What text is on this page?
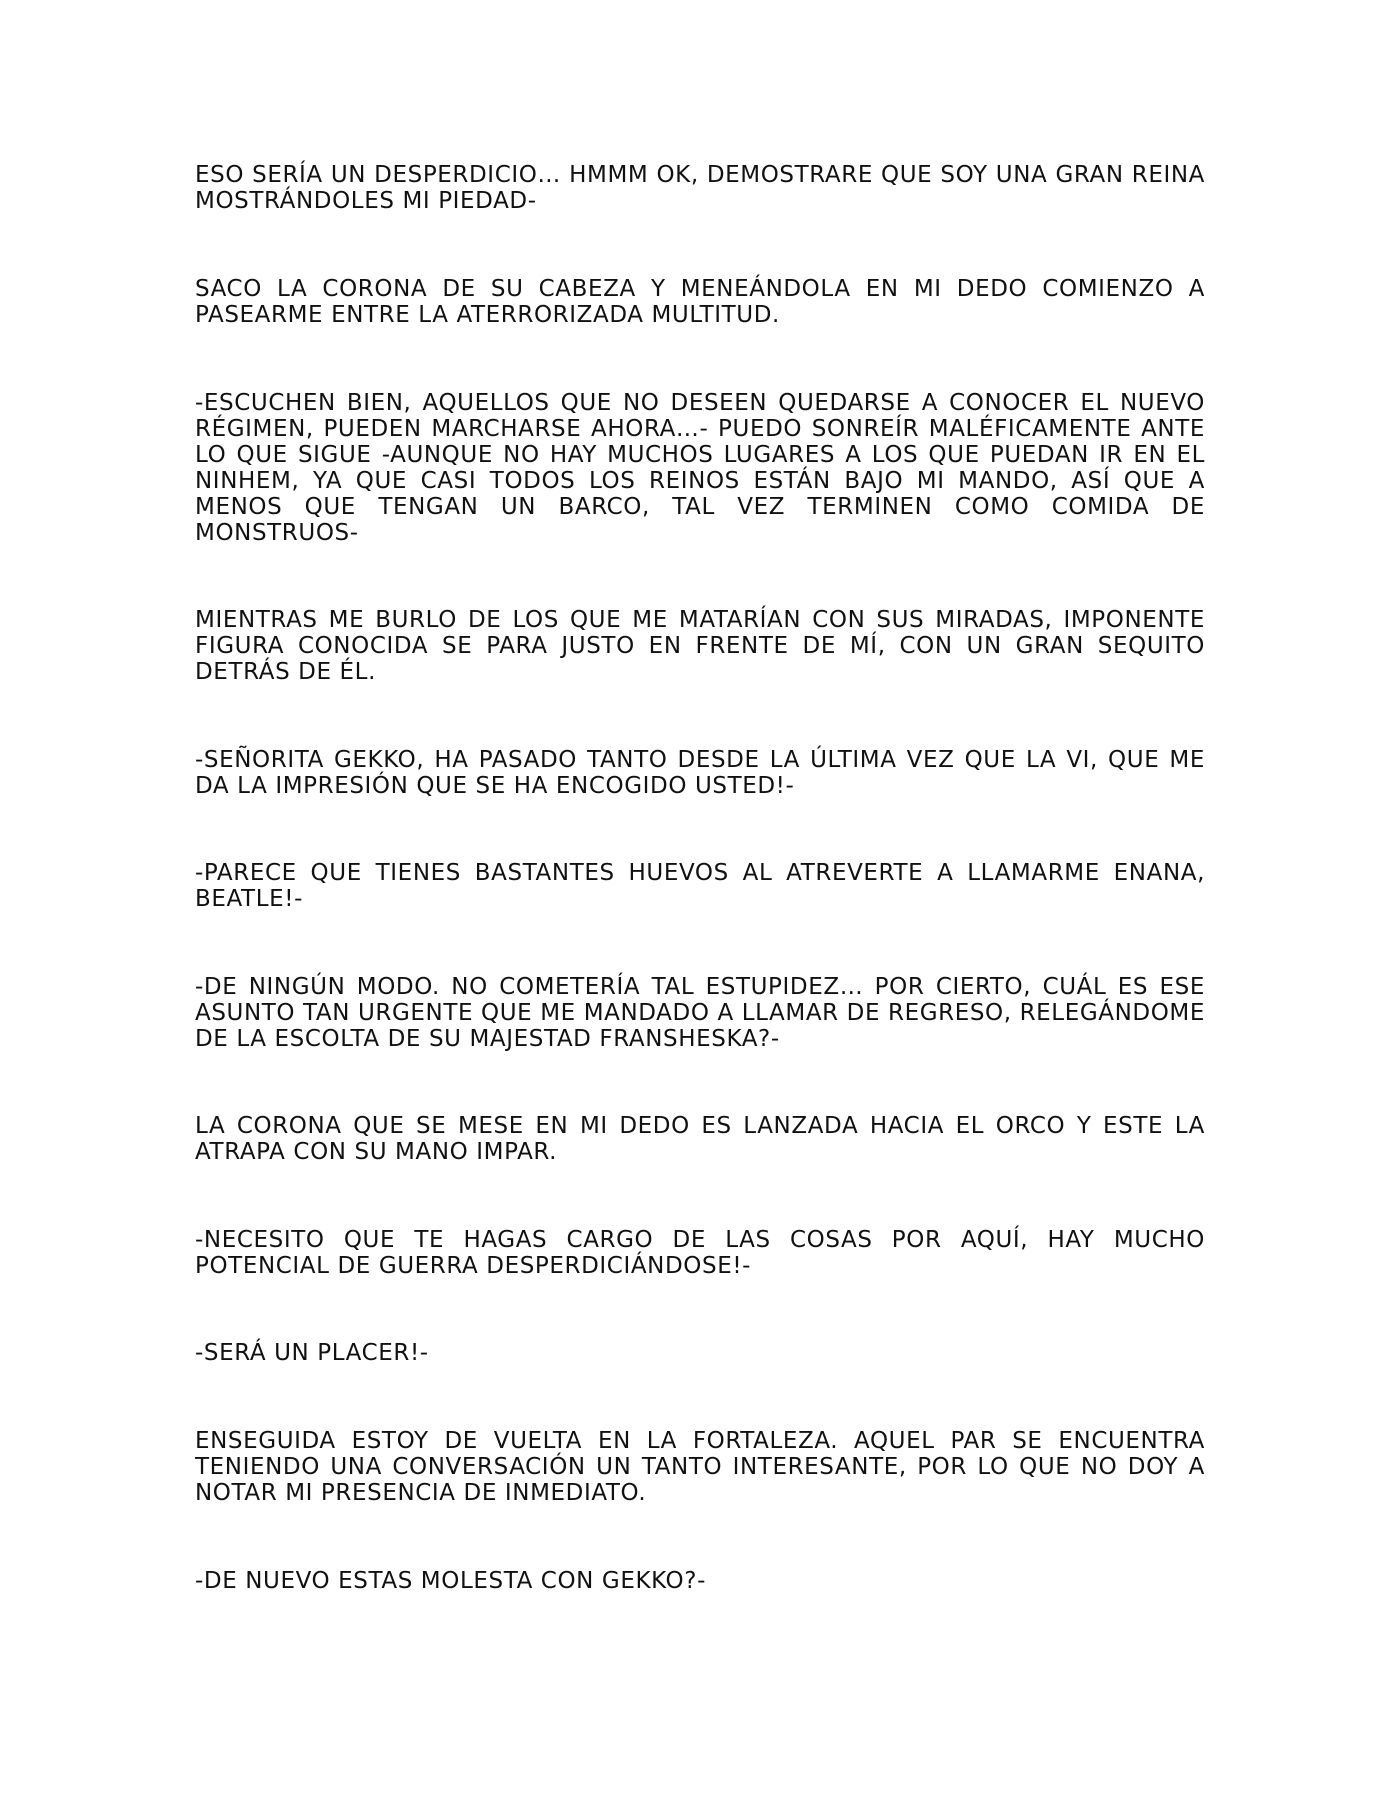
ESO SERÍA UN DESPERDICIO… HMMM OK, DEMOSTRARE QUE SOY UNA GRAN REINA MOSTRÁNDOLES MI PIEDAD-

SACO LA CORONA DE SU CABEZA Y MENEÁNDOLA EN MI DEDO COMIENZO A PASEARME ENTRE LA ATERRORIZADA MULTITUD.

-ESCUCHEN BIEN, AQUELLOS QUE NO DESEEN QUEDARSE A CONOCER EL NUEVO RÉGIMEN, PUEDEN MARCHARSE AHORA…- PUEDO SONREÍR MALÉFICAMENTE ANTE LO QUE SIGUE -AUNQUE NO HAY MUCHOS LUGARES A LOS QUE PUEDAN IR EN EL NINHEM, YA QUE CASI TODOS LOS REINOS ESTÁN BAJO MI MANDO, ASÍ QUE A MENOS QUE TENGAN UN BARCO, TAL VEZ TERMINEN COMO COMIDA DE MONSTRUOS-

MIENTRAS ME BURLO DE LOS QUE ME MATARÍAN CON SUS MIRADAS, IMPONENTE FIGURA CONOCIDA SE PARA JUSTO EN FRENTE DE MÍ, CON UN GRAN SEQUITO DETRÁS DE ÉL.

-SEÑORITA GEKKO, HA PASADO TANTO DESDE LA ÚLTIMA VEZ QUE LA VI, QUE ME DA LA IMPRESIÓN QUE SE HA ENCOGIDO USTED!-

-PARECE QUE TIENES BASTANTES HUEVOS AL ATREVERTE A LLAMARME ENANA, BEATLE!-

-DE NINGÚN MODO. NO COMETERÍA TAL ESTUPIDEZ… POR CIERTO, CUÁL ES ESE ASUNTO TAN URGENTE QUE ME MANDADO A LLAMAR DE REGRESO, RELEGÁNDOME DE LA ESCOLTA DE SU MAJESTAD FRANSHESKA?-

LA CORONA QUE SE MESE EN MI DEDO ES LANZADA HACIA EL ORCO Y ESTE LA ATRAPA CON SU MANO IMPAR.

-NECESITO QUE TE HAGAS CARGO DE LAS COSAS POR AQUÍ, HAY MUCHO POTENCIAL DE GUERRA DESPERDICIÁNDOSE!-

-SERÁ UN PLACER!-

ENSEGUIDA ESTOY DE VUELTA EN LA FORTALEZA. AQUEL PAR SE ENCUENTRA TENIENDO UNA CONVERSACIÓN UN TANTO INTERESANTE, POR LO QUE NO DOY A NOTAR MI PRESENCIA DE INMEDIATO.

-DE NUEVO ESTAS MOLESTA CON GEKKO?-
